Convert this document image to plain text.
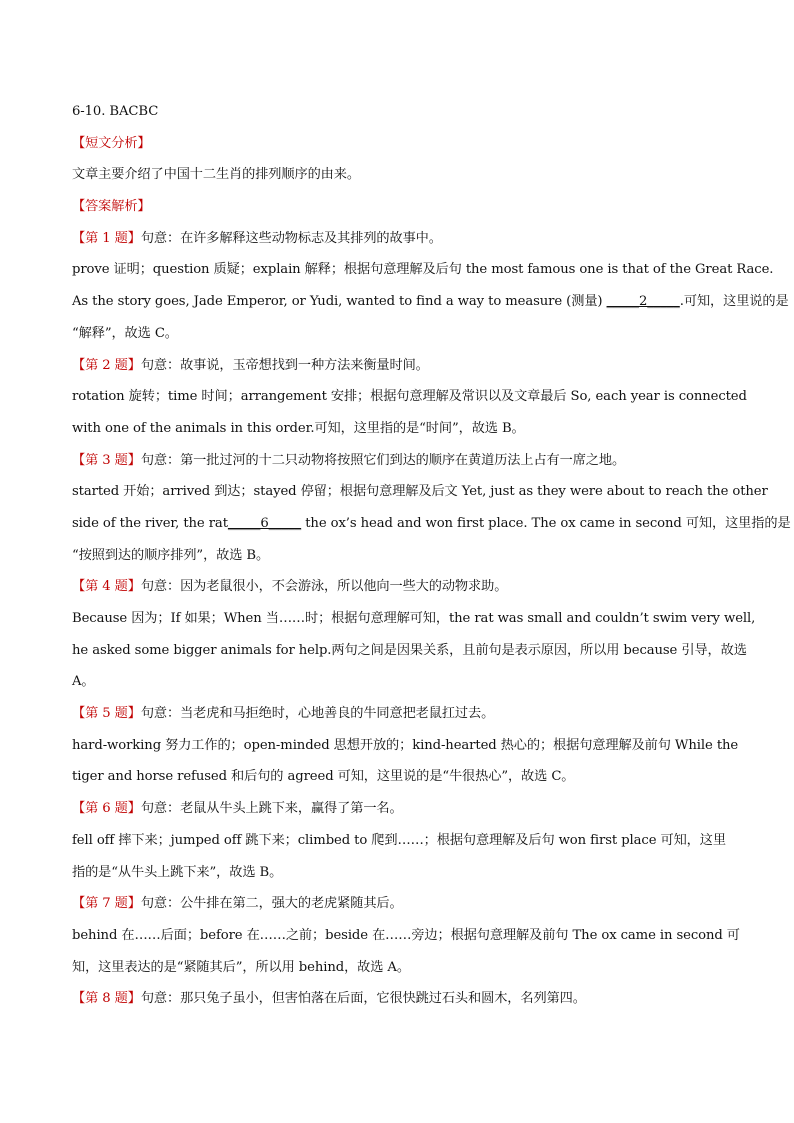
6-10. BACBC
【短文分析】
文章主要介绍了中国十二生肖的排列顺序的由来。
【答案解析】
【第 1 题】句意：在许多解释这些动物标志及其排列的故事中。
prove 证明；question 质疑；explain 解释；根据句意理解及后句 the most famous one is that of the Great Race.
As the story goes, Jade Emperor, or Yudi, wanted to find a way to measure (测量) _____2_____.可知，这里说的是
“解释”，故选 C。
【第 2 题】句意：故事说，玉帝想找到一种方法来衡量时间。
rotation 旋转；time 时间；arrangement 安排；根据句意理解及常识以及文章最后 So, each year is connected
with one of the animals in this order.可知，这里指的是“时间”，故选 B。
【第 3 题】句意：第一批过河的十二只动物将按照它们到达的顺序在黄道历法上占有一席之地。
started 开始；arrived 到达；stayed 停留；根据句意理解及后文 Yet, just as they were about to reach the other
side of the river, the rat_____6_____ the ox’s head and won first place. The ox came in second 可知，这里指的是
“按照到达的顺序排列”，故选 B。
【第 4 题】句意：因为老鼠很小，不会游泳，所以他向一些大的动物求助。
Because 因为；If 如果；When 当……时；根据句意理解可知，the rat was small and couldn’t swim very well,
he asked some bigger animals for help.两句之间是因果关系，且前句是表示原因，所以用 because 引导，故选
A。
【第 5 题】句意：当老虎和马拒绝时，心地善良的牛同意把老鼠扛过去。
hard-working 努力工作的；open-minded 思想开放的；kind-hearted 热心的；根据句意理解及前句 While the
tiger and horse refused 和后句的 agreed 可知，这里说的是“牛很热心”，故选 C。
【第 6 题】句意：老鼠从牛头上跳下来，赢得了第一名。
fell off 摔下来；jumped off 跳下来；climbed to 爬到……；根据句意理解及后句 won first place 可知，这里
指的是“从牛头上跳下来”，故选 B。
【第 7 题】句意：公牛排在第二，强大的老虎紧随其后。
behind 在……后面；before 在……之前；beside 在……旁边；根据句意理解及前句 The ox came in second 可
知，这里表达的是“紧随其后”，所以用 behind，故选 A。
【第 8 题】句意：那只兔子虽小，但害怕落在后面，它很快跳过石头和圆木，名列第四。
